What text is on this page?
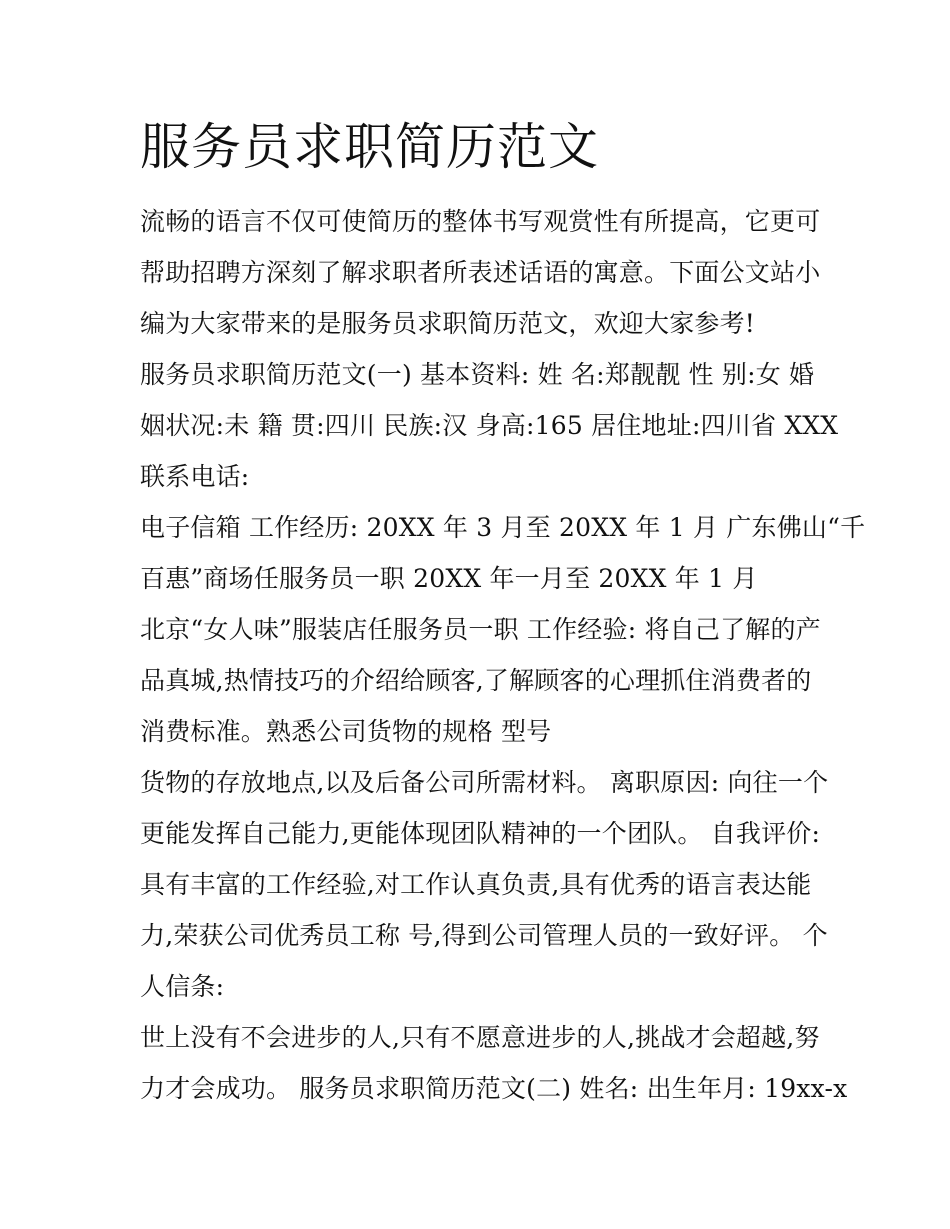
服务员求职简历范文

流畅的语言不仅可使简历的整体书写观赏性有所提高，它更可

帮助招聘方深刻了解求职者所表述话语的寓意。下面公文站小

编为大家带来的是服务员求职简历范文，欢迎大家参考!

服务员求职简历范文(一) 基本资料: 姓 名:郑靓靓 性 别:女 婚

姻状况:未 籍 贯:四川 民族:汉 身高:165 居住地址:四川省 XXX

联系电话:

电子信箱 工作经历: 20XX 年 3 月至 20XX 年 1 月 广东佛山“千

百惠”商场任服务员一职 20XX 年一月至 20XX 年 1 月

北京“女人味”服装店任服务员一职 工作经验: 将自己了解的产

品真城,热情技巧的介绍给顾客,了解顾客的心理抓住消费者的

消费标准。熟悉公司货物的规格 型号

货物的存放地点,以及后备公司所需材料。 离职原因: 向往一个

更能发挥自己能力,更能体现团队精神的一个团队。 自我评价:

具有丰富的工作经验,对工作认真负责,具有优秀的语言表达能

力,荣获公司优秀员工称 号,得到公司管理人员的一致好评。 个

人信条:

世上没有不会进步的人,只有不愿意进步的人,挑战才会超越,努

力才会成功。 服务员求职简历范文(二) 姓名: 出生年月: 19xx-x
